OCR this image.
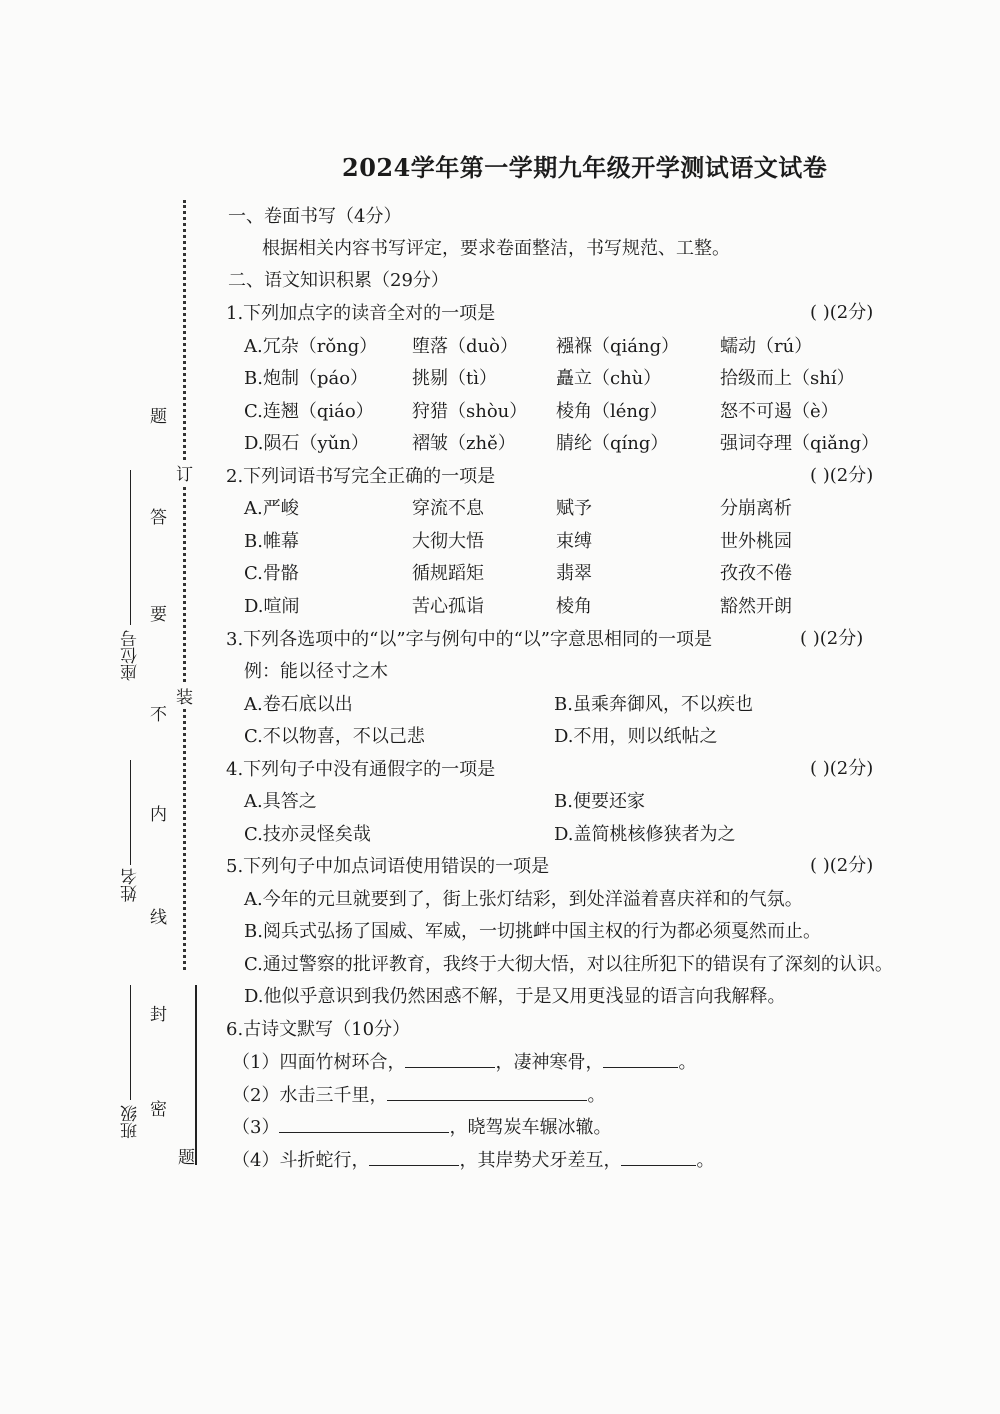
2024学年第一学期九年级开学测试语文试卷
订
装
题
答
要
不
内
线
封
密
题
座位号
姓名
班级
一、卷面书写（4分）
根据相关内容书写评定，要求卷面整洁，书写规范、工整。
二、语文知识积累（29分）
1.下列加点字的读音全对的一项是	( )(2分)
A.冗杂（rǒng） 堕落（duò） 襁褓（qiáng） 蠕动（rú）
B.炮制（páo） 挑剔（tì）	矗立（chù）	拾级而上（shí）
C.连翘（qiáo） 狩猎（shòu） 棱角（léng）	怒不可遏（è）
D.陨石（yǔn） 褶皱（zhě） 腈纶（qíng）	强词夺理（qiǎng）
2.下列词语书写完全正确的一项是	( )(2分)
A.严峻	穿流不息	赋予	分崩离析
B.帷幕	大彻大悟	束缚	世外桃园
C.骨骼	循规蹈矩	翡翠	孜孜不倦
D.喧闹	苦心孤诣	棱角	豁然开朗
3.下列各选项中的“以”字与例句中的“以”字意思相同的一项是	( )(2分)
例：能以径寸之木
A.卷石底以出	B.虽乘奔御风，不以疾也
C.不以物喜，不以己悲	D.不用，则以纸帖之
4.下列句子中没有通假字的一项是	( )(2分)
A.具答之	B.便要还家
C.技亦灵怪矣哉	D.盖简桃核修狭者为之
5.下列句子中加点词语使用错误的一项是	( )(2分)
A.今年的元旦就要到了，街上张灯结彩，到处洋溢着喜庆祥和的气氛。
B.阅兵式弘扬了国威、军威，一切挑衅中国主权的行为都必须戛然而止。
C.通过警察的批评教育，我终于大彻大悟，对以往所犯下的错误有了深刻的认识。
D.他似乎意识到我仍然困惑不解，于是又用更浅显的语言向我解释。
6.古诗文默写（10分）
（1）四面竹树环合，	，凄神寒骨，	。
（2）水击三千里，	。
（3）	，晓驾炭车辗冰辙。
（4）斗折蛇行，	，其岸势犬牙差互，	。
